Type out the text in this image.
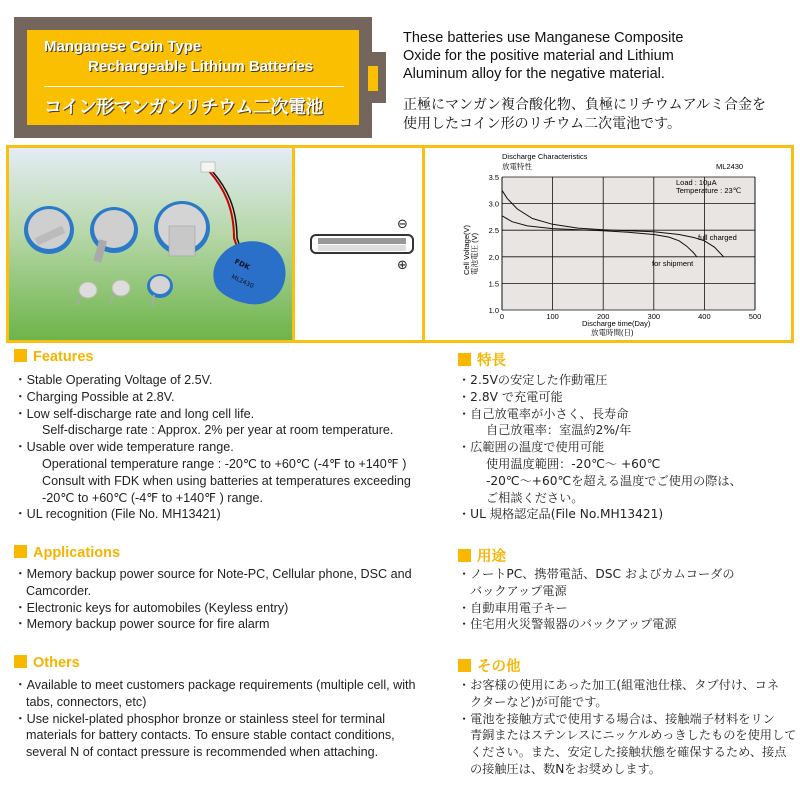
Manganese Coin Type
Rechargeable Lithium Batteries
コイン形マンガンリチウム二次電池
These batteries use Manganese Composite
Oxide for the positive material and Lithium
Aluminum alloy for the negative material.
正極にマンガン複合酸化物、負極にリチウムアルミ合金を
使用したコイン形のリチウム二次電池です。
FDK
ML2430
⊖
⊕
3.5
3.0
2.5
2.0
1.5
1.0
500
400
300
200
100
0
Discharge Characteristics
放電特性	ML2430
Load : 10μA
Temperature : 23℃
Discharge time(Day)
放電時間(日)
Cell Voltage(V) 電池電圧 (V)	full charged
for shipment
Features
・Stable Operating Voltage of 2.5V.
・Charging Possible at 2.8V.
・Low self-discharge rate and long cell life.
Self-discharge rate : Approx. 2% per year at room temperature.
・Usable over wide temperature range.
Operational temperature range : -20℃ to +60℃ (-4℉ to +140℉ )
Consult with FDK when using batteries at temperatures exceeding
-20℃ to +60℃ (-4℉ to +140℉ ) range.
・UL recognition (File No. MH13421)
特長
・2.5Vの安定した作動電圧
・2.8V で充電可能
・自己放電率が小さく、長寿命
自己放電率：室温約2%/年
・広範囲の温度で使用可能
使用温度範囲：-20℃～ +60℃
-20℃～+60℃を超える温度でご使用の際は、
ご相談ください。
・UL 規格認定品(File No.MH13421)
Applications
・Memory backup power source for Note-PC, Cellular phone, DSC and
Camcorder.
・Electronic keys for automobiles (Keyless entry)
・Memory backup power source for fire alarm
用途
・ノートPC、携帯電話、DSC およびカムコーダの
バックアップ電源
・自動車用電子キー
・住宅用火災警報器のバックアップ電源
Others
・Available to meet customers package requirements (multiple cell, with
tabs, connectors, etc)
・Use nickel-plated phosphor bronze or stainless steel for terminal
materials for battery contacts. To ensure stable contact conditions,
several N of contact pressure is recommended when attaching.
その他
・お客様の使用にあった加工(組電池仕様、タブ付け、コネ
クターなど)が可能です。
・電池を接触方式で使用する場合は、接触端子材料をリン
青銅またはステンレスにニッケルめっきしたものを使用して
ください。また、安定した接触状態を確保するため、接点
の接触圧は、数Nをお奨めします。
